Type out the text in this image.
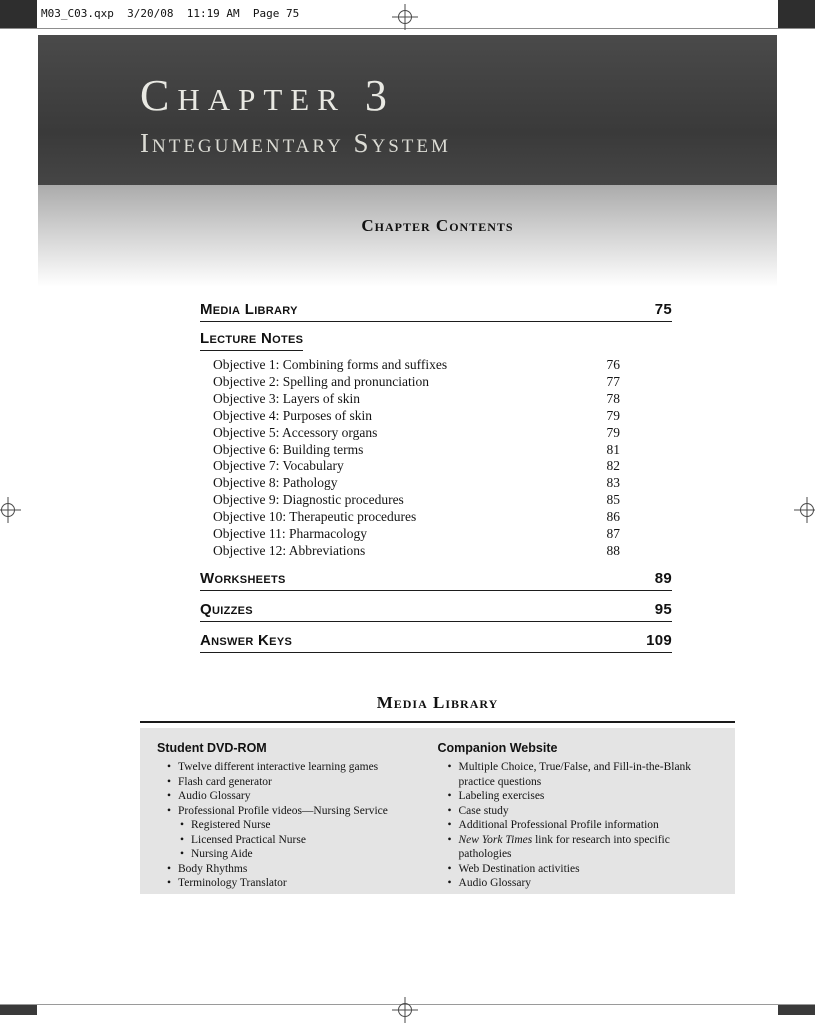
M03_C03.qxp  3/20/08  11:19 AM  Page 75
Chapter 3
Integumentary System
Chapter Contents
Media Library	75
Lecture Notes
Objective 1: Combining forms and suffixes	76
Objective 2: Spelling and pronunciation	77
Objective 3: Layers of skin	78
Objective 4: Purposes of skin	79
Objective 5: Accessory organs	79
Objective 6: Building terms	81
Objective 7: Vocabulary	82
Objective 8: Pathology	83
Objective 9: Diagnostic procedures	85
Objective 10: Therapeutic procedures	86
Objective 11: Pharmacology	87
Objective 12: Abbreviations	88
Worksheets	89
Quizzes	95
Answer Keys	109
Media Library

Student DVD-ROM

• Twelve different interactive learning games
• Flash card generator
• Audio Glossary
• Professional Profile videos—Nursing Service
• Registered Nurse
• Licensed Practical Nurse
• Nursing Aide
• Body Rhythms
• Terminology Translator

Companion Website

• Multiple Choice, True/False, and Fill-in-the-Blank practice questions
• Labeling exercises
• Case study
• Additional Professional Profile information
• New York Times link for research into specific pathologies
• Web Destination activities
• Audio Glossary
